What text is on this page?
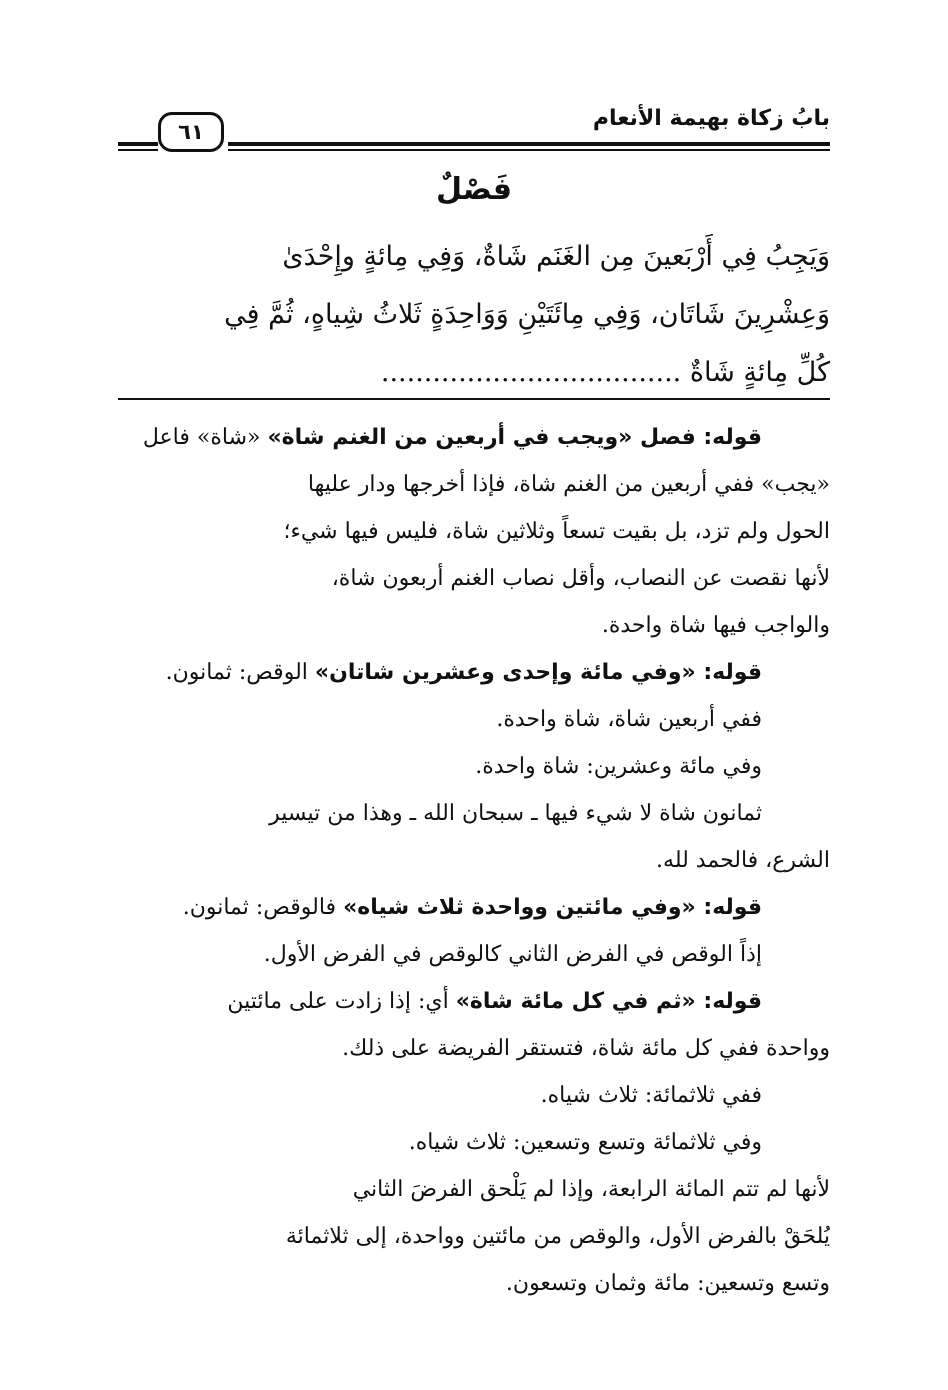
بابُ زكاة بهيمة الأنعام
٦١
فَصْلٌ

وَيَجِبُ فِي أَرْبَعينَ مِن الغَنَم شَاةٌ، وَفِي مِائةٍ وإِحْدَىٰ

وَعِشْرِينَ شَاتَان، وَفِي مِائَتَيْنِ وَوَاحِدَةٍ ثَلاثُ شِياهٍ، ثُمَّ فِي

كُلِّ مِائةٍ شَاةٌ ...................................

قوله: فصل «ويجب في أربعين من الغنم شاة» «شاة» فاعل

«يجب» ففي أربعين من الغنم شاة، فإذا أخرجها ودار عليها

الحول ولم تزد، بل بقيت تسعاً وثلاثين شاة، فليس فيها شيء؛

لأنها نقصت عن النصاب، وأقل نصاب الغنم أربعون شاة،

والواجب فيها شاة واحدة.

قوله: «وفي مائة وإحدى وعشرين شاتان» الوقص: ثمانون.

ففي أربعين شاة، شاة واحدة.

وفي مائة وعشرين: شاة واحدة.

ثمانون شاة لا شيء فيها ـ سبحان الله ـ وهذا من تيسير

الشرع، فالحمد لله.

قوله: «وفي مائتين وواحدة ثلاث شياه» فالوقص: ثمانون.

إذاً الوقص في الفرض الثاني كالوقص في الفرض الأول.

قوله: «ثم في كل مائة شاة» أي: إذا زادت على مائتين

وواحدة ففي كل مائة شاة، فتستقر الفريضة على ذلك.

ففي ثلاثمائة: ثلاث شياه.

وفي ثلاثمائة وتسع وتسعين: ثلاث شياه.

لأنها لم تتم المائة الرابعة، وإذا لم يَلْحق الفرضَ الثاني

يُلحَقْ بالفرض الأول، والوقص من مائتين وواحدة، إلى ثلاثمائة

وتسع وتسعين: مائة وثمان وتسعون.
